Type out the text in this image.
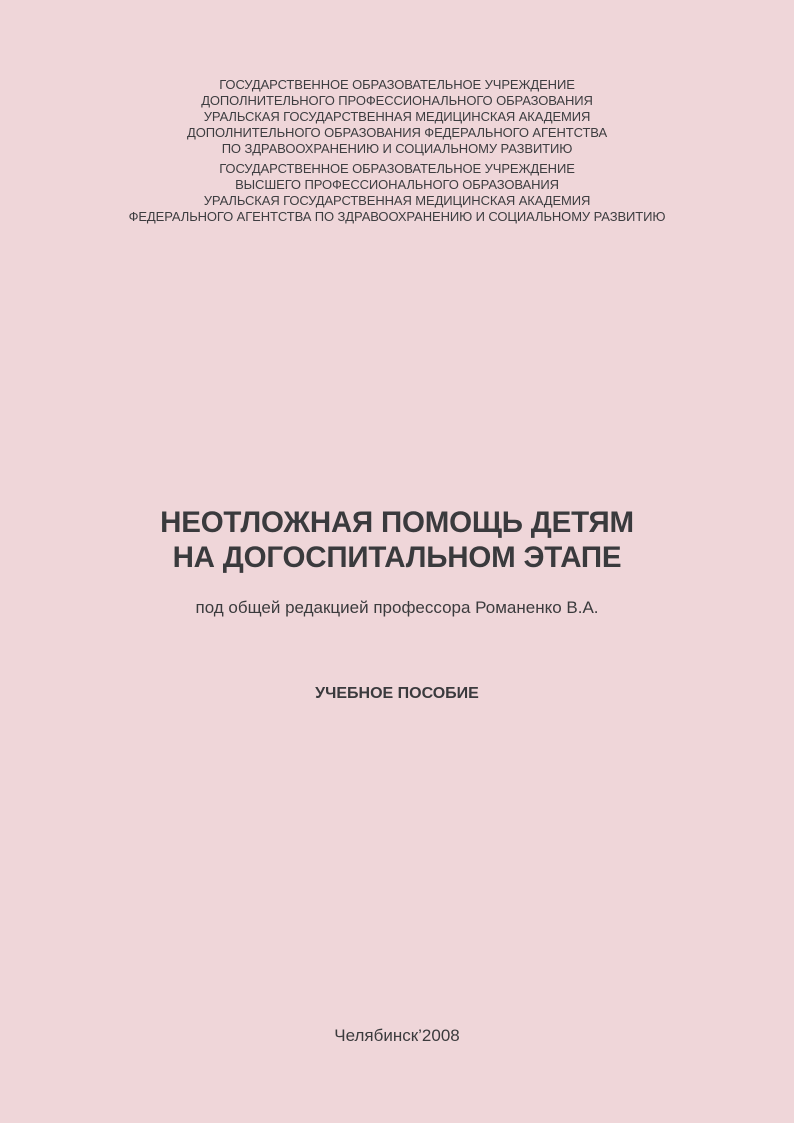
ГОСУДАРСТВЕННОЕ ОБРАЗОВАТЕЛЬНОЕ УЧРЕЖДЕНИЕ
ДОПОЛНИТЕЛЬНОГО ПРОФЕССИОНАЛЬНОГО ОБРАЗОВАНИЯ
УРАЛЬСКАЯ ГОСУДАРСТВЕННАЯ МЕДИЦИНСКАЯ АКАДЕМИЯ
ДОПОЛНИТЕЛЬНОГО ОБРАЗОВАНИЯ ФЕДЕРАЛЬНОГО АГЕНТСТВА
ПО ЗДРАВООХРАНЕНИЮ И СОЦИАЛЬНОМУ РАЗВИТИЮ
ГОСУДАРСТВЕННОЕ ОБРАЗОВАТЕЛЬНОЕ УЧРЕЖДЕНИЕ
ВЫСШЕГО ПРОФЕССИОНАЛЬНОГО ОБРАЗОВАНИЯ
УРАЛЬСКАЯ ГОСУДАРСТВЕННАЯ МЕДИЦИНСКАЯ АКАДЕМИЯ
ФЕДЕРАЛЬНОГО АГЕНТСТВА ПО ЗДРАВООХРАНЕНИЮ И СОЦИАЛЬНОМУ РАЗВИТИЮ
НЕОТЛОЖНАЯ ПОМОЩЬ ДЕТЯМ
НА ДОГОСПИТАЛЬНОМ ЭТАПЕ
под общей редакцией профессора Романенко В.А.
УЧЕБНОЕ ПОСОБИЕ
Челябинск’2008
